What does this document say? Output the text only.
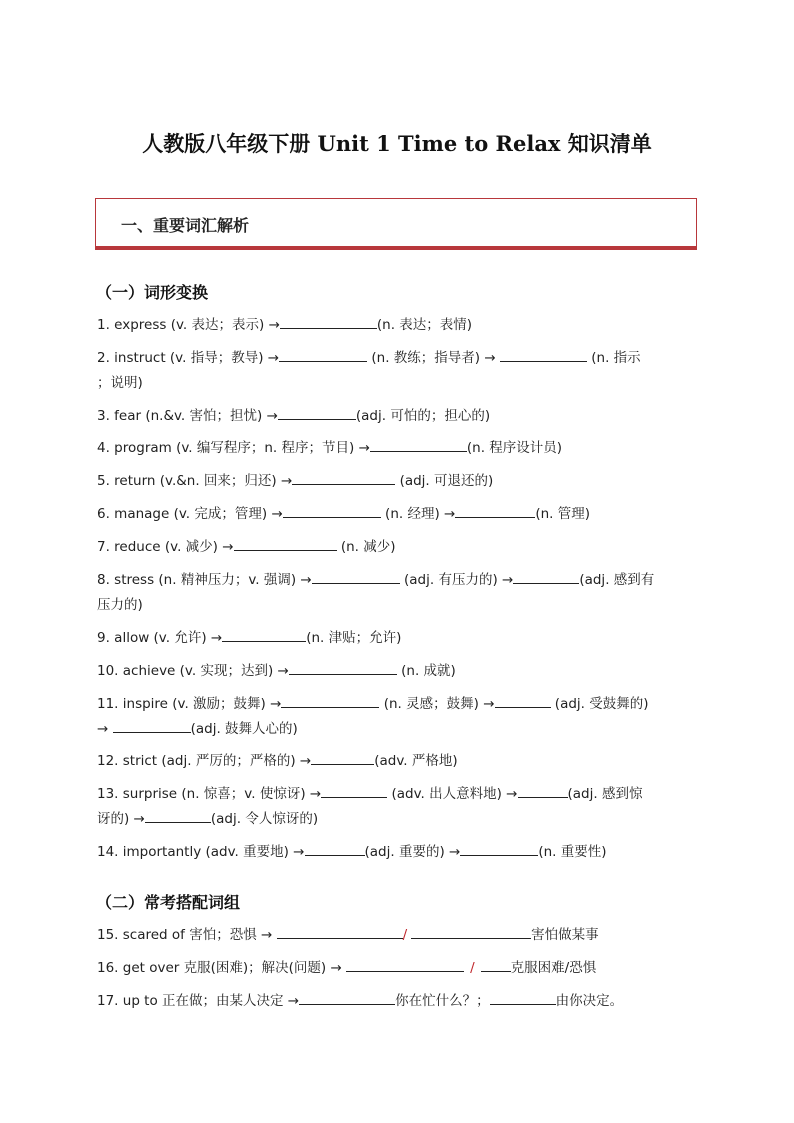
人教版八年级下册 Unit 1 Time to Relax 知识清单
一、重要词汇解析
（一）词形变换
1. express (v. 表达；表示) →	(n. 表达；表情)
2. instruct (v. 指导；教导) →	(n. 教练；指导者) →	(n. 指示
；说明)
3. fear (n.&v. 害怕；担忧) →	(adj. 可怕的；担心的)
4. program (v. 编写程序；n. 程序；节目) →	(n. 程序设计员)
5. return (v.&n. 回来；归还) →	(adj. 可退还的)
6. manage (v. 完成；管理) →	(n. 经理) →	(n. 管理)
7. reduce (v. 减少) →	(n. 减少)
8. stress (n. 精神压力；v. 强调) →	(adj. 有压力的) →	(adj. 感到有
压力的)
9. allow (v. 允许) →	(n. 津贴；允许)
10. achieve (v. 实现；达到) →	(n. 成就)
11. inspire (v. 激励；鼓舞) →	(n. 灵感；鼓舞) →	(adj. 受鼓舞的)
→	(adj. 鼓舞人心的)
12. strict (adj. 严厉的；严格的) →	(adv. 严格地)
13. surprise (n. 惊喜；v. 使惊讶) →	(adv. 出人意料地) →	(adj. 感到惊
讶的) →	(adj. 令人惊讶的)
14. importantly (adv. 重要地) →	(adj. 重要的) →	(n. 重要性)
（二）常考搭配词组
15. scared of 害怕；恐惧 →	/	害怕做某事
16. get over 克服(困难)；解决(问题) →	/	克服困难/恐惧
17. up to 正在做；由某人决定 →	你在忙什么？；	由你决定。
